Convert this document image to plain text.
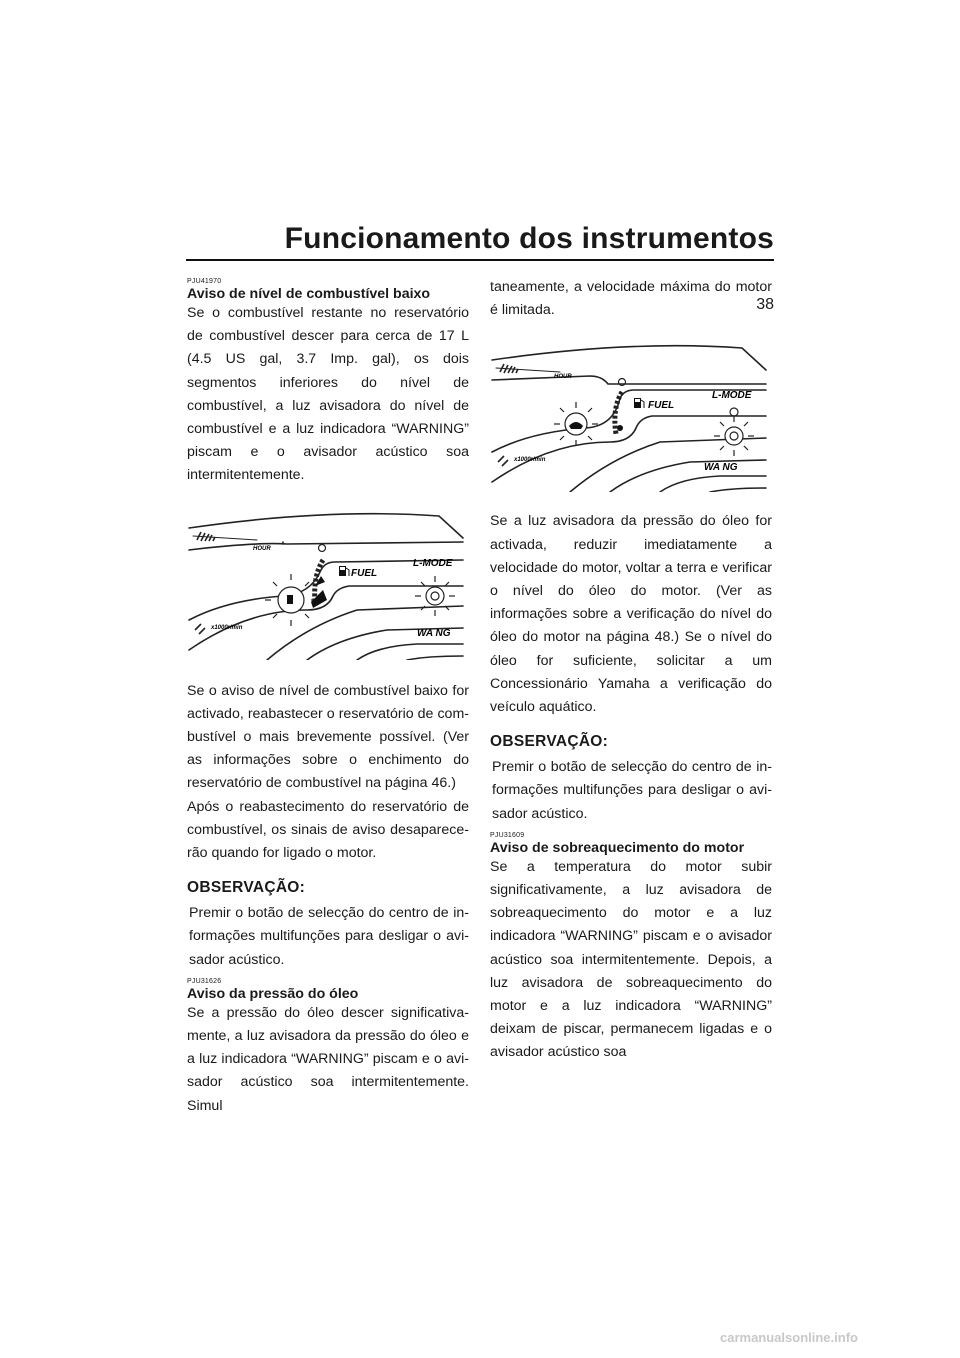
Funcionamento dos instrumentos
38
PJU41970
Aviso de nível de combustível baixo

Se o combustível restante no reservatório de combustível descer para cerca de 17 L (4.5 US gal, 3.7 Imp. gal), os dois segmentos inferiores do nível de combustível, a luz avisadora do nível de combustível e a luz indicadora “WARNING” piscam e o avisador acústico soa intermitentemente.

HOUR
FUEL
L-MODE
WA NG
x1000r/min

Se o aviso de nível de combustível baixo for activado, reabastecer o reservatório de combustível o mais brevemente possível. (Ver as informações sobre o enchimento do reservatório de combustível na página 46.)

Após o reabastecimento do reservatório de combustível, os sinais de aviso desaparecerão quando for ligado o motor.

OBSERVAÇÃO:

Premir o botão de selecção do centro de informações multifunções para desligar o avisador acústico.

PJU31626
Aviso da pressão do óleo

Se a pressão do óleo descer significativamente, a luz avisadora da pressão do óleo e a luz indicadora “WARNING” piscam e o avisador acústico soa intermitentemente. Simul

taneamente, a velocidade máxima do motor é limitada.

HOUR
FUEL
L-MODE
WA NG
x1000r/min

Se a luz avisadora da pressão do óleo for activada, reduzir imediatamente a velocidade do motor, voltar a terra e verificar o nível do óleo do motor. (Ver as informações sobre a verificação do nível do óleo do motor na página 48.) Se o nível do óleo for suficiente, solicitar a um Concessionário Yamaha a verificação do veículo aquático.

OBSERVAÇÃO:

Premir o botão de selecção do centro de informações multifunções para desligar o avisador acústico.

PJU31609
Aviso de sobreaquecimento do motor

Se a temperatura do motor subir significativamente, a luz avisadora de sobreaquecimento do motor e a luz indicadora “WARNING” piscam e o avisador acústico soa intermitentemente. Depois, a luz avisadora de sobreaquecimento do motor e a luz indicadora “WARNING” deixam de piscar, permanecem ligadas e o avisador acústico soa

carmanualsonline.info
